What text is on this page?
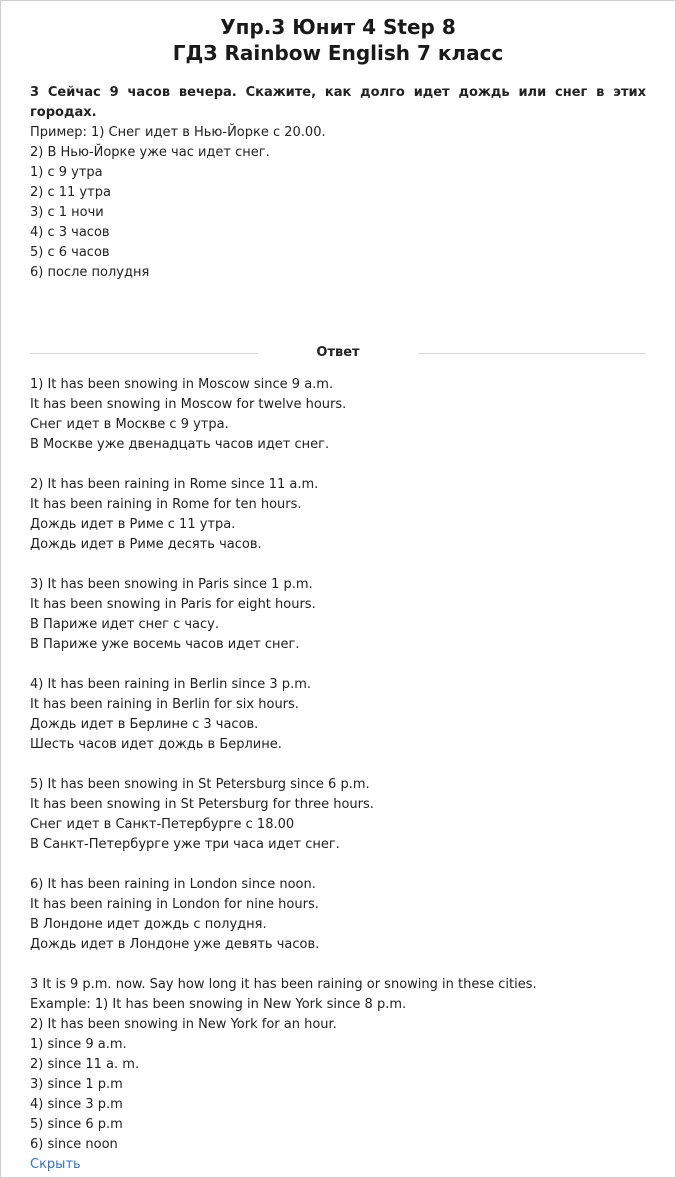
Упр.3 Юнит 4 Step 8
ГДЗ Rainbow English 7 класс
3 Сейчас 9 часов вечера. Скажите, как долго идет дождь или снег в этих городах.
Пример: 1) Снег идет в Нью-Йорке с 20.00.
2) В Нью-Йорке уже час идет снег.
1) с 9 утра
2) с 11 утра
3) с 1 ночи
4) с 3 часов
5) с 6 часов
6) после полудня
Ответ
1) It has been snowing in Moscow since 9 a.m.
It has been snowing in Moscow for twelve hours.
Снег идет в Москве с 9 утра.
В Москве уже двенадцать часов идет снег.
2) It has been raining in Rome since 11 a.m.
It has been raining in Rome for ten hours.
Дождь идет в Риме с 11 утра.
Дождь идет в Риме десять часов.
3) It has been snowing in Paris since 1 p.m.
It has been snowing in Paris for eight hours.
В Париже идет снег с часу.
В Париже уже восемь часов идет снег.
4) It has been raining in Berlin since 3 p.m.
It has been raining in Berlin for six hours.
Дождь идет в Берлине с 3 часов.
Шесть часов идет дождь в Берлине.
5) It has been snowing in St Petersburg since 6 p.m.
It has been snowing in St Petersburg for three hours.
Снег идет в Санкт-Петербурге с 18.00
В Санкт-Петербурге уже три часа идет снег.
6) It has been raining in London since noon.
It has been raining in London for nine hours.
В Лондоне идет дождь с полудня.
Дождь идет в Лондоне уже девять часов.
3 It is 9 p.m. now. Say how long it has been raining or snowing in these cities.
Example: 1) It has been snowing in New York since 8 p.m.
2) It has been snowing in New York for an hour.
1) since 9 a.m.
2) since 11 a. m.
3) since 1 p.m
4) since 3 p.m
5) since 6 p.m
6) since noon
Скрыть
